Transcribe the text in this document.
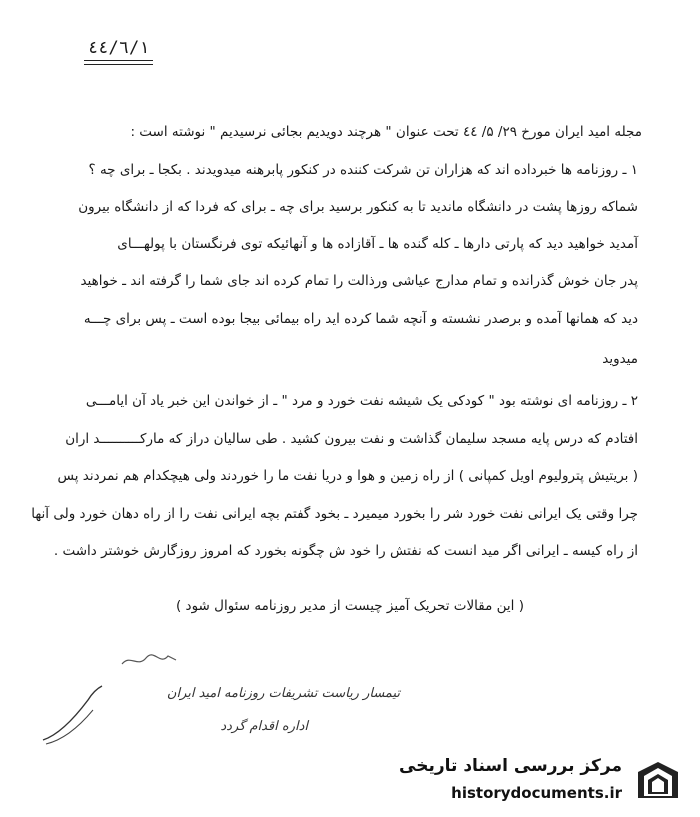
٤٤/٦/١
مجله امید ایران مورخ ۲۹/ ۵/ ٤٤ تحت عنوان " هرچند دویدیم بجائی نرسیدیم " نوشته است :
۱ ـ روزنامه ها خبرداده اند که هزاران تن شرکت کننده در کنکور پابرهنه میدویدند . بکجا ـ برای چه ؟
شماکه روزها پشت در دانشگاه ماندید تا به کنکور برسید برای چه ـ برای که فردا که از دانشگاه بیرون
آمدید خواهید دید که پارتی دارها ـ کله گنده ها ـ آقازاده ها و آنهائیکه توی فرنگستان با پولهـــای
پدر جان خوش گذرانده و تمام مدارج عیاشی ورذالت را تمام کرده اند جای شما را گرفته اند ـ خواهید
دید که همانها آمده و برصدر نشسته و آنچه شما کرده اید راه بیمائی بیجا بوده است ـ پس برای چـــه
میدوید
۲ ـ روزنامه ای نوشته بود " کودکی یک شیشه نفت خورد و مرد " ـ از خواندن این خبر یاد آن ایامـــی
افتادم که درس پایه مسجد سلیمان گذاشت و نفت بیرون کشید . طی سالیان دراز که مارکــــــــــد اران
( بریتیش پترولیوم اویل کمپانی ) از راه زمین و هوا و دریا نفت ما را خوردند ولی هیچکدام هم نمردند پس
چرا وقتی یک ایرانی نفت خورد شر را بخورد میمیرد ـ بخود گفتم بچه ایرانی نفت را از راه دهان خورد ولی آنها
از راه کیسه ـ ایرانی اگر مید انست که نفتش را خود ش چگونه بخورد که امروز روزگارش خوشتر داشت .
( این مقالات تحریک آمیز چیست از مدیر روزنامه سئوال شود )
تیمسار ریاست تشریفات روزنامه امید ایران
اداره اقدام گردد
مرکز بررسی اسناد تاریخی
historydocuments.ir
